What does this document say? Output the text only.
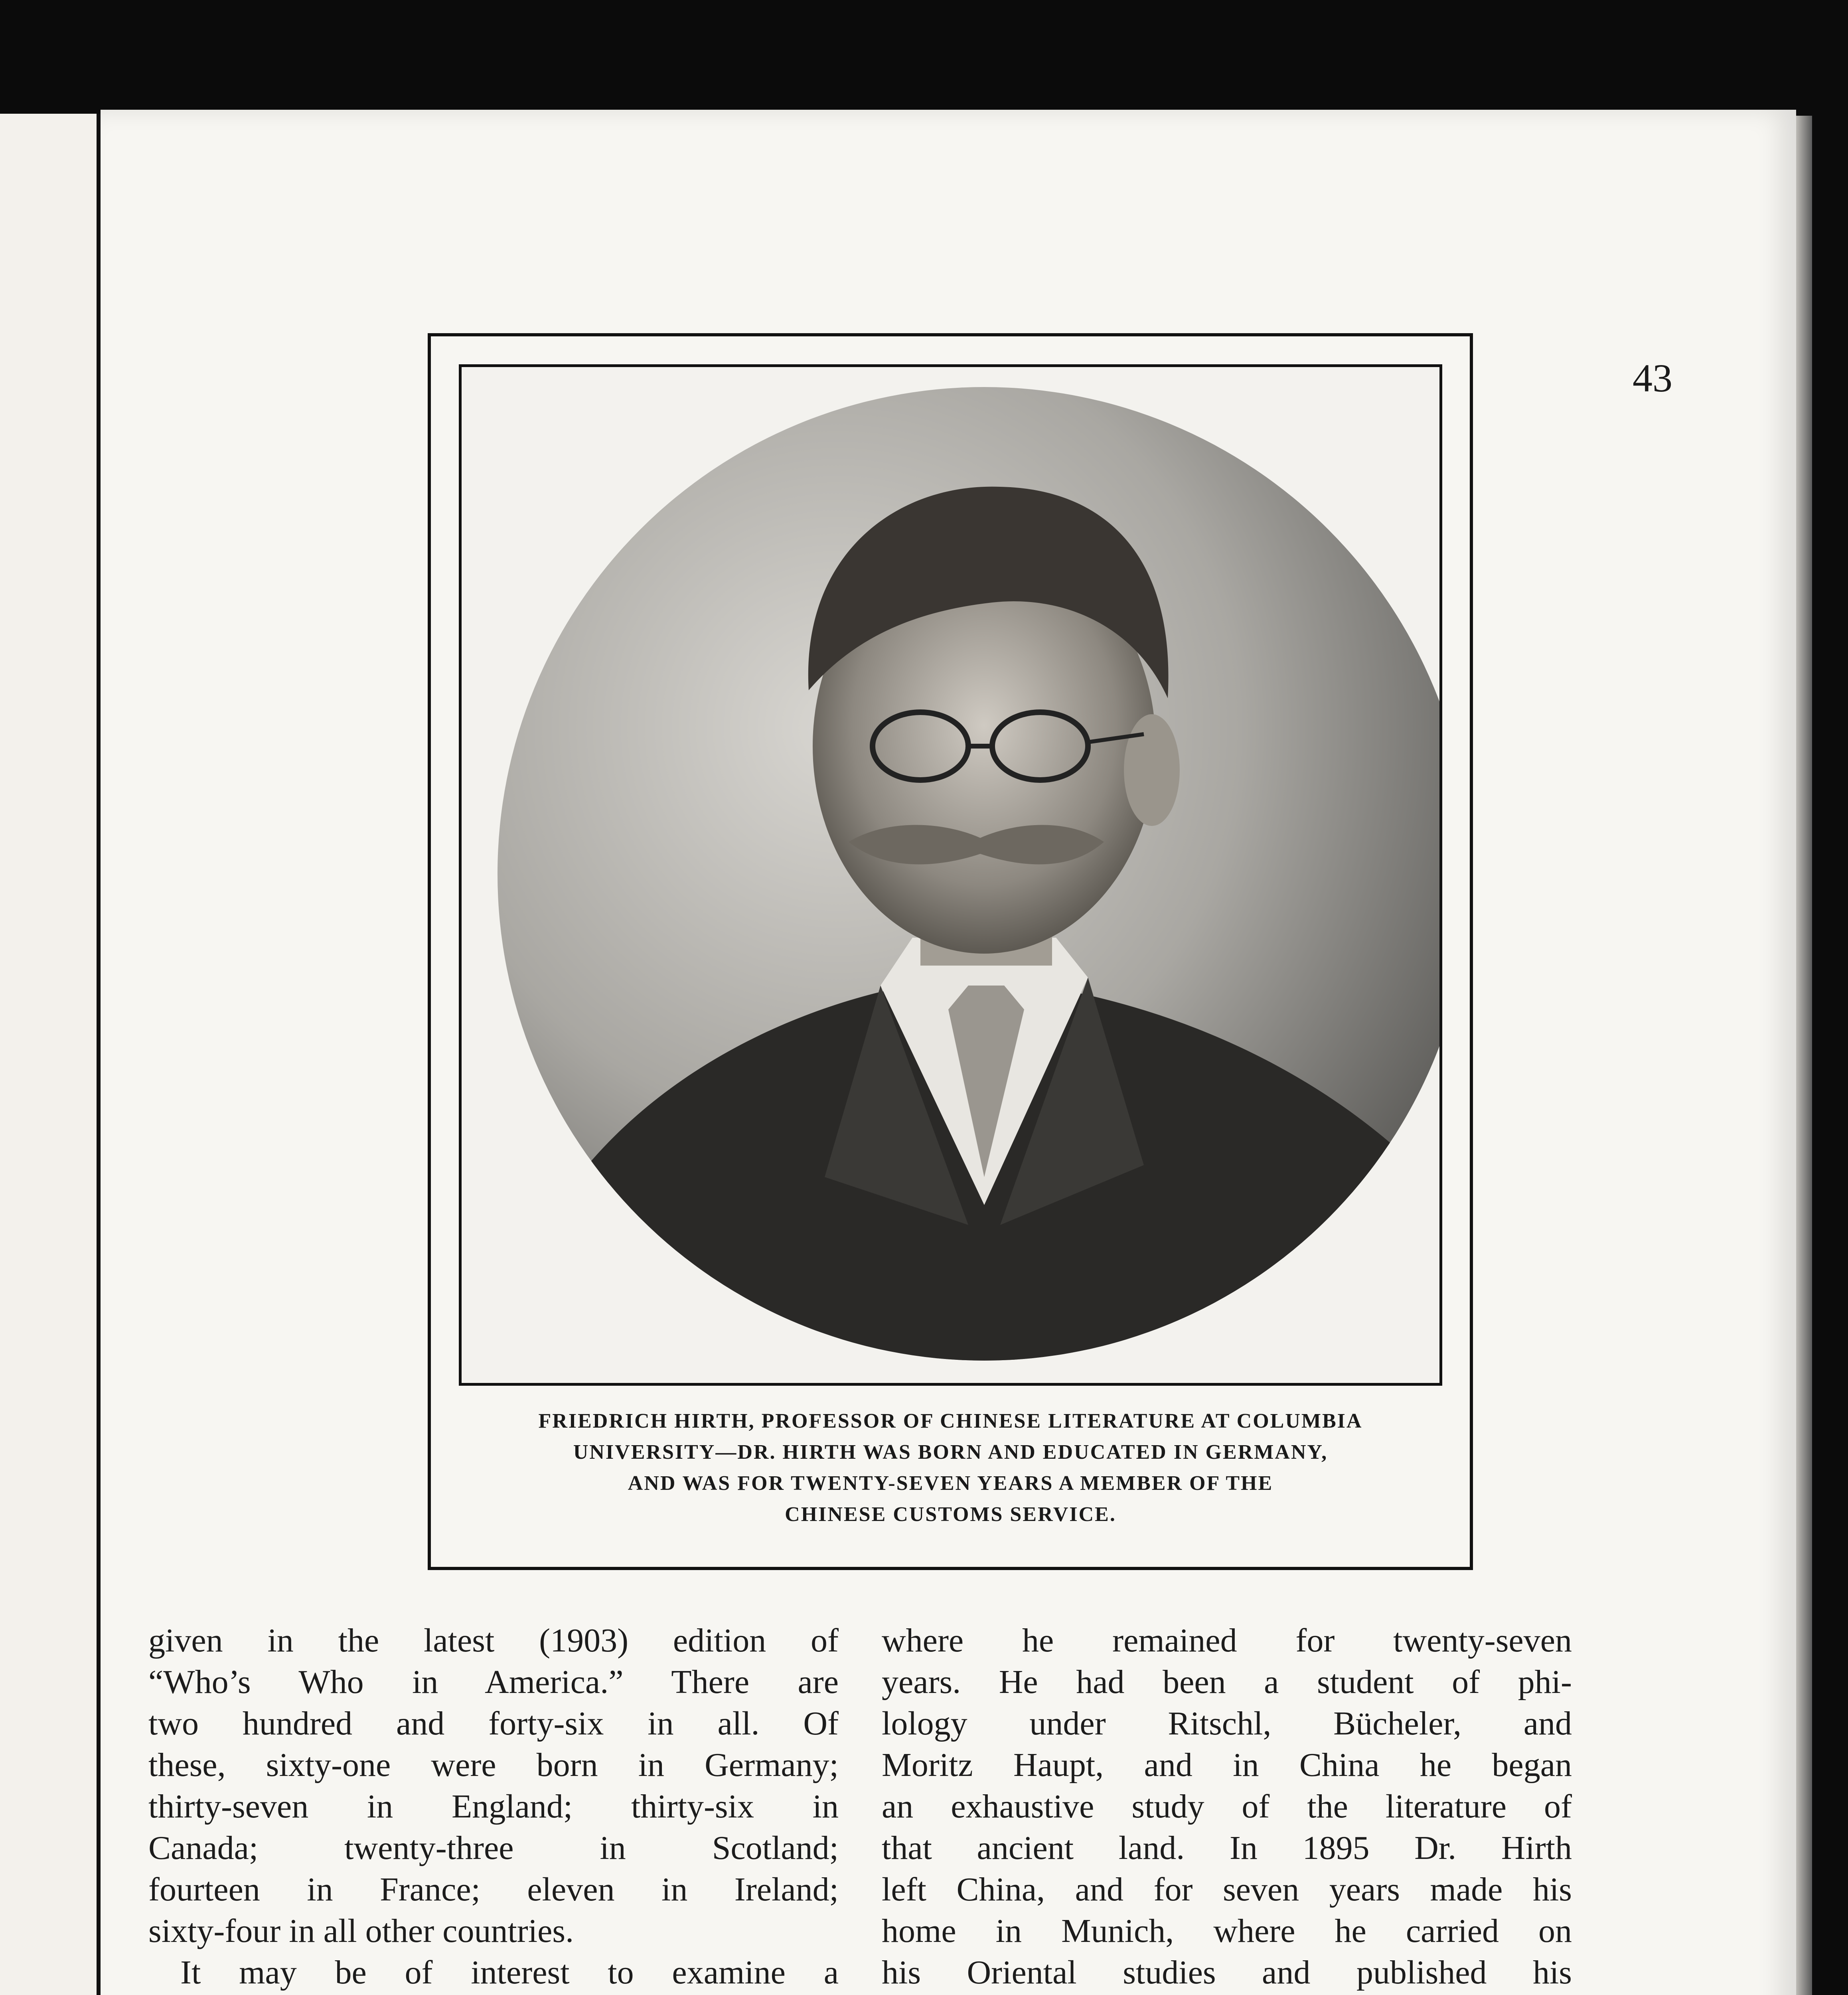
43
FRIEDRICH HIRTH, PROFESSOR OF CHINESE LITERATURE AT COLUMBIA
UNIVERSITY—DR. HIRTH WAS BORN AND EDUCATED IN GERMANY,
AND WAS FOR TWENTY-SEVEN YEARS A MEMBER OF THE
CHINESE CUSTOMS SERVICE.
given in the latest (1903) edition of
“Who’s Who in America.” There are
two hundred and forty-six in all. Of
these, sixty-one were born in Germany;
thirty-seven in England; thirty-six in
Canada; twenty-three in Scotland;
fourteen in France; eleven in Ireland;
sixty-four in all other countries.
It may be of interest to examine a
where he remained for twenty-seven
years. He had been a student of phi-
lology under Ritschl, Bücheler, and
Moritz Haupt, and in China he began
an exhaustive study of the literature of
that ancient land. In 1895 Dr. Hirth
left China, and for seven years made his
home in Munich, where he carried on
his Oriental studies and published his
